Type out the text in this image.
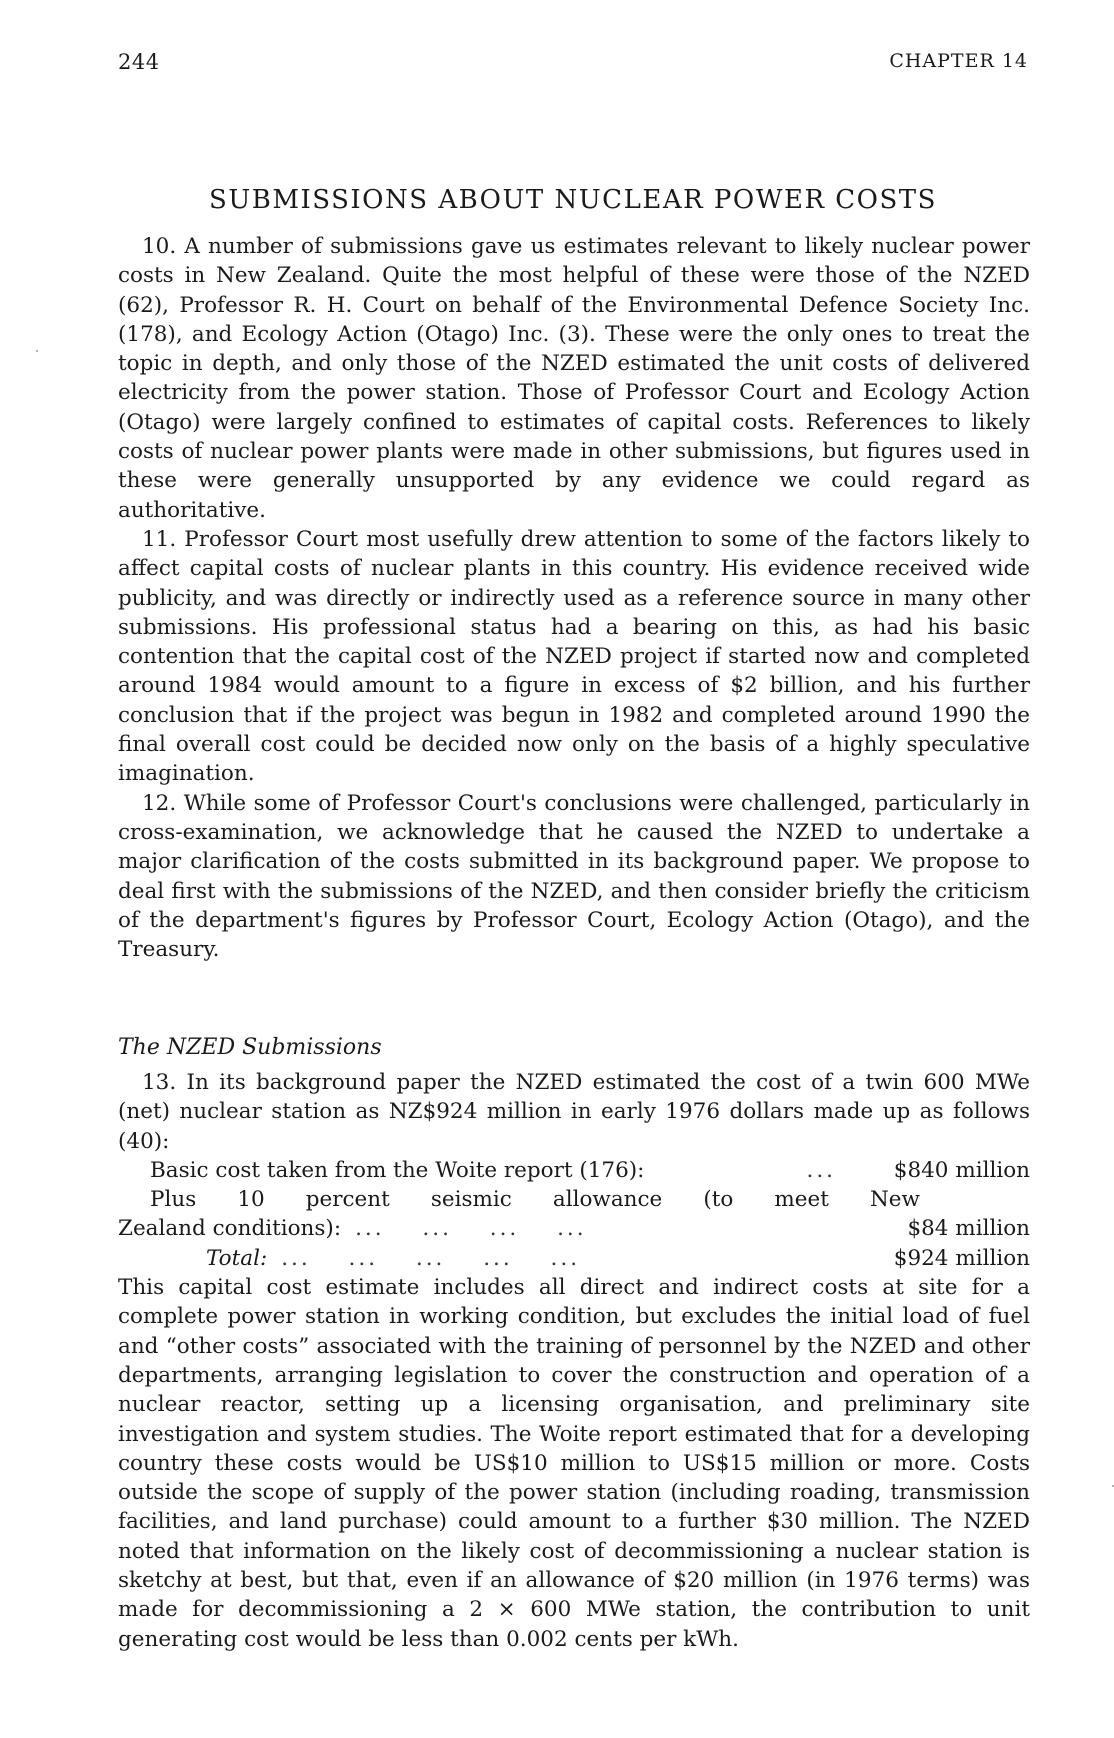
244	CHAPTER 14
SUBMISSIONS ABOUT NUCLEAR POWER COSTS

10. A number of submissions gave us estimates relevant to likely nuclear power costs in New Zealand. Quite the most helpful of these were those of the NZED (62), Professor R. H. Court on behalf of the Environmental Defence Society Inc. (178), and Ecology Action (Otago) Inc. (3). These were the only ones to treat the topic in depth, and only those of the NZED estimated the unit costs of delivered electricity from the power station. Those of Professor Court and Ecology Action (Otago) were largely confined to estimates of capital costs. References to likely costs of nuclear power plants were made in other submissions, but figures used in these were generally unsupported by any evidence we could regard as authoritative.

11. Professor Court most usefully drew attention to some of the factors likely to affect capital costs of nuclear plants in this country. His evidence received wide publicity, and was directly or indirectly used as a reference source in many other submissions. His professional status had a bearing on this, as had his basic contention that the capital cost of the NZED project if started now and completed around 1984 would amount to a figure in excess of $2 billion, and his further conclusion that if the project was begun in 1982 and completed around 1990 the final overall cost could be decided now only on the basis of a highly speculative imagination.

12. While some of Professor Court's conclusions were challenged, particularly in cross-examination, we acknowledge that he caused the NZED to undertake a major clarification of the costs submitted in its background paper. We propose to deal first with the submissions of the NZED, and then consider briefly the criticism of the department's figures by Professor Court, Ecology Action (Otago), and the Treasury.

The NZED Submissions

13. In its background paper the NZED estimated the cost of a twin 600 MWe (net) nuclear station as NZ$924 million in early 1976 dollars made up as follows (40):

Basic cost taken from the Woite report (176):	...	$840 million
Plus 10 percent seismic allowance (to meet New
Zealand conditions): ... ... ... ...	$84 million
Total: ... ... ... ... ...	$924 million

This capital cost estimate includes all direct and indirect costs at site for a complete power station in working condition, but excludes the initial load of fuel and “other costs” associated with the training of personnel by the NZED and other departments, arranging legislation to cover the construction and operation of a nuclear reactor, setting up a licensing organisation, and preliminary site investigation and system studies. The Woite report estimated that for a developing country these costs would be US$10 million to US$15 million or more. Costs outside the scope of supply of the power station (including roading, transmission facilities, and land purchase) could amount to a further $30 million. The NZED noted that information on the likely cost of decommissioning a nuclear station is sketchy at best, but that, even if an allowance of $20 million (in 1976 terms) was made for decommissioning a 2 × 600 MWe station, the contribution to unit generating cost would be less than 0.002 cents per kWh.
